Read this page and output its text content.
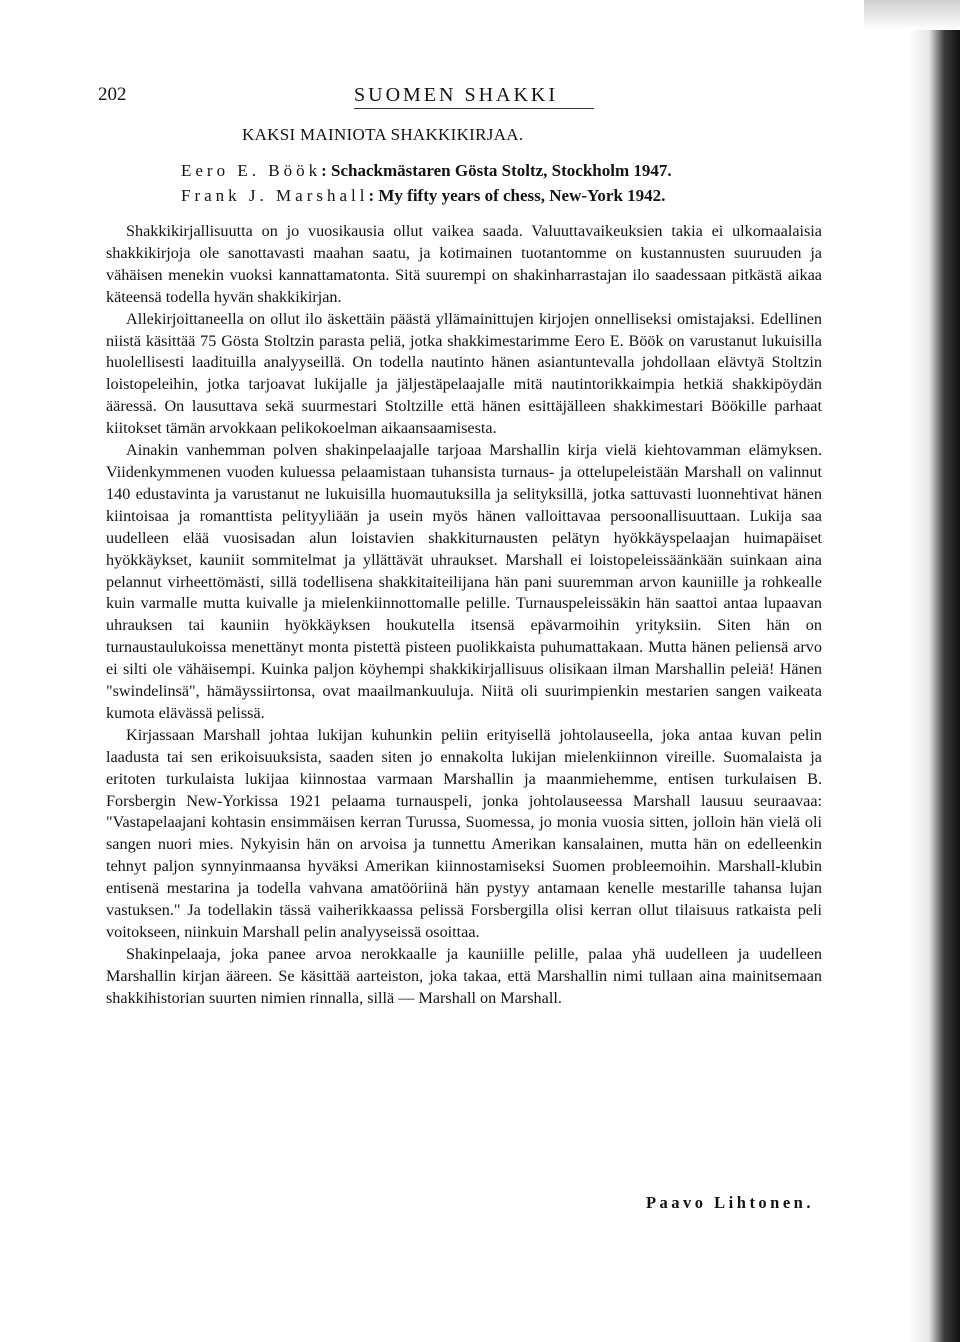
202	SUOMEN SHAKKI
KAKSI MAINIOTA SHAKKIKIRJAA.
Eero E. Böök: Schackmästaren Gösta Stoltz, Stockholm 1947.
Frank J. Marshall: My fifty years of chess, New-York 1942.

Shakkikirjallisuutta on jo vuosikausia ollut vaikea saada. Valuuttavaikeuksien takia ei ulkomaalaisia shakkikirjoja ole sanottavasti maahan saatu, ja kotimainen tuotantomme on kustannusten suuruuden ja vähäisen menekin vuoksi kannattamatonta. Sitä suurempi on shakinharrastajan ilo saadessaan pitkästä aikaa käteensä todella hyvän shakkikirjan.

Allekirjoittaneella on ollut ilo äskettäin päästä yllämainittujen kirjojen onnelliseksi omistajaksi. Edellinen niistä käsittää 75 Gösta Stoltzin parasta peliä, jotka shakkimestarimme Eero E. Böök on varustanut lukuisilla huolellisesti laadituilla analyyseillä. On todella nautinto hänen asiantuntevalla johdollaan elävtyä Stoltzin loistopeleihin, jotka tarjoavat lukijalle ja jäljestäpelaajalle mitä nautintorikkaimpia hetkiä shakkipöydän ääressä. On lausuttava sekä suurmestari Stoltzille että hänen esittäjälleen shakkimestari Böökille parhaat kiitokset tämän arvokkaan pelikokoelman aikaansaamisesta.

Ainakin vanhemman polven shakinpelaajalle tarjoaa Marshallin kirja vielä kiehtovamman elämyksen. Viidenkymmenen vuoden kuluessa pelaamistaan tuhansista turnaus- ja ottelupeleistään Marshall on valinnut 140 edustavinta ja varustanut ne lukuisilla huomautuksilla ja selityksillä, jotka sattuvasti luonnehtivat hänen kiintoisaa ja romanttista pelityyliään ja usein myös hänen valloittavaa persoonallisuuttaan. Lukija saa uudelleen elää vuosisadan alun loistavien shakkiturnausten pelätyn hyökkäyspelaajan huimapäiset hyökkäykset, kauniit sommitelmat ja yllättävät uhraukset. Marshall ei loistopeleissäänkään suinkaan aina pelannut virheettömästi, sillä todellisena shakkitaiteilijana hän pani suuremman arvon kauniille ja rohkealle kuin varmalle mutta kuivalle ja mielenkiinnottomalle pelille. Turnauspeleissäkin hän saattoi antaa lupaavan uhrauksen tai kauniin hyökkäyksen houkutella itsensä epävarmoihin yrityksiin. Siten hän on turnaustaulukoissa menettänyt monta pistettä pisteen puolikkaista puhumattakaan. Mutta hänen peliensä arvo ei silti ole vähäisempi. Kuinka paljon köyhempi shakkikirjallisuus olisikaan ilman Marshallin peleiä! Hänen "swindelinsä", hämäyssiirtonsa, ovat maailmankuuluja. Niitä oli suurimpienkin mestarien sangen vaikeata kumota elävässä pelissä.

Kirjassaan Marshall johtaa lukijan kuhunkin peliin erityisellä johtolauseella, joka antaa kuvan pelin laadusta tai sen erikoisuuksista, saaden siten jo ennakolta lukijan mielenkiinnon vireille. Suomalaista ja eritoten turkulaista lukijaa kiinnostaa varmaan Marshallin ja maanmiehemme, entisen turkulaisen B. Forsbergin New-Yorkissa 1921 pelaama turnauspeli, jonka johtolauseessa Marshall lausuu seuraavaa: "Vastapelaajani kohtasin ensimmäisen kerran Turussa, Suomessa, jo monia vuosia sitten, jolloin hän vielä oli sangen nuori mies. Nykyisin hän on arvoisa ja tunnettu Amerikan kansalainen, mutta hän on edelleenkin tehnyt paljon synnyinmaansa hyväksi Amerikan kiinnostamiseksi Suomen probleemoihin. Marshall-klubin entisenä mestarina ja todella vahvana amatööriinä hän pystyy antamaan kenelle mestarille tahansa lujan vastuksen." Ja todellakin tässä vaiherikkaassa pelissä Forsbergilla olisi kerran ollut tilaisuus ratkaista peli voitokseen, niinkuin Marshall pelin analyyseissä osoittaa.

Shakinpelaaja, joka panee arvoa nerokkaalle ja kauniille pelille, palaa yhä uudelleen ja uudelleen Marshallin kirjan ääreen. Se käsittää aarteiston, joka takaa, että Marshallin nimi tullaan aina mainitsemaan shakkihistorian suurten nimien rinnalla, sillä — Marshall on Marshall.

Paavo Lihtonen.
